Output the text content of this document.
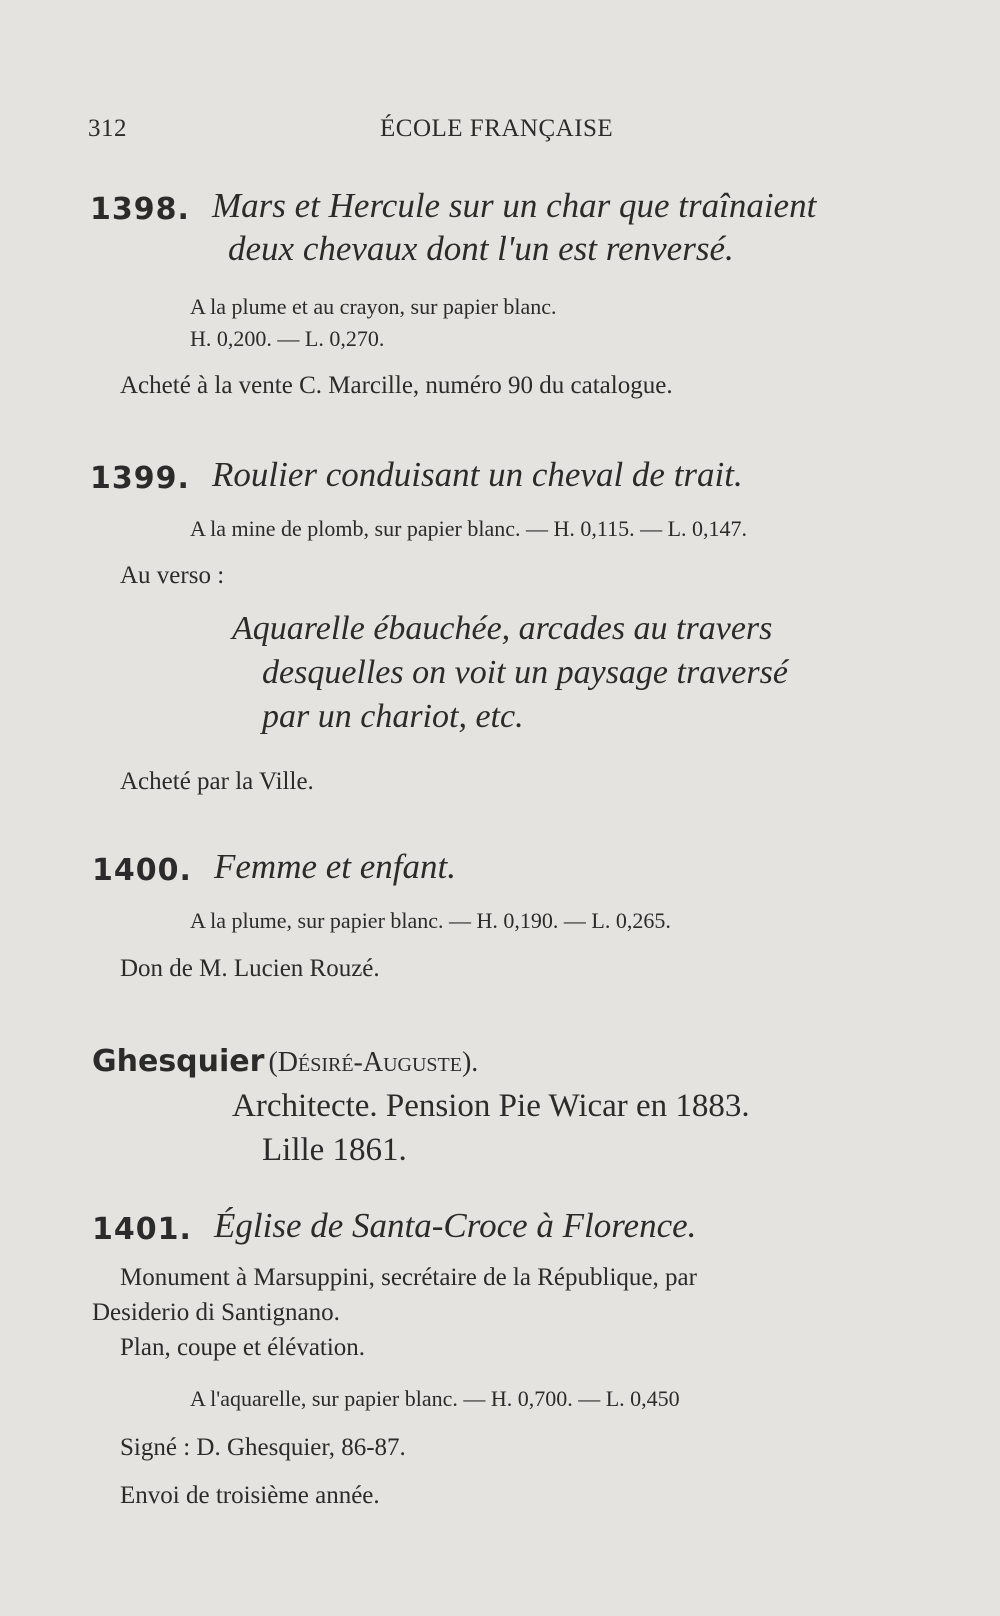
312	ÉCOLE FRANÇAISE
1398. Mars et Hercule sur un char que traînaient
deux chevaux dont l'un est renversé.
A la plume et au crayon, sur papier blanc.
H. 0,200. — L. 0,270.
Acheté à la vente C. Marcille, numéro 90 du catalogue.
1399. Roulier conduisant un cheval de trait.
A la mine de plomb, sur papier blanc. — H. 0,115. — L. 0,147.
Au verso :
Aquarelle ébauchée, arcades au travers
desquelles on voit un paysage traversé
par un chariot, etc.
Acheté par la Ville.
1400. Femme et enfant.
A la plume, sur papier blanc. — H. 0,190. — L. 0,265.
Don de M. Lucien Rouzé.
Ghesquier (Désiré-Auguste).
Architecte. Pension Pie Wicar en 1883.
Lille 1861.
1401. Église de Santa-Croce à Florence.
Monument à Marsuppini, secrétaire de la République, par
Desiderio di Santignano.
Plan, coupe et élévation.
A l'aquarelle, sur papier blanc. — H. 0,700. — L. 0,450
Signé : D. Ghesquier, 86-87.
Envoi de troisième année.
